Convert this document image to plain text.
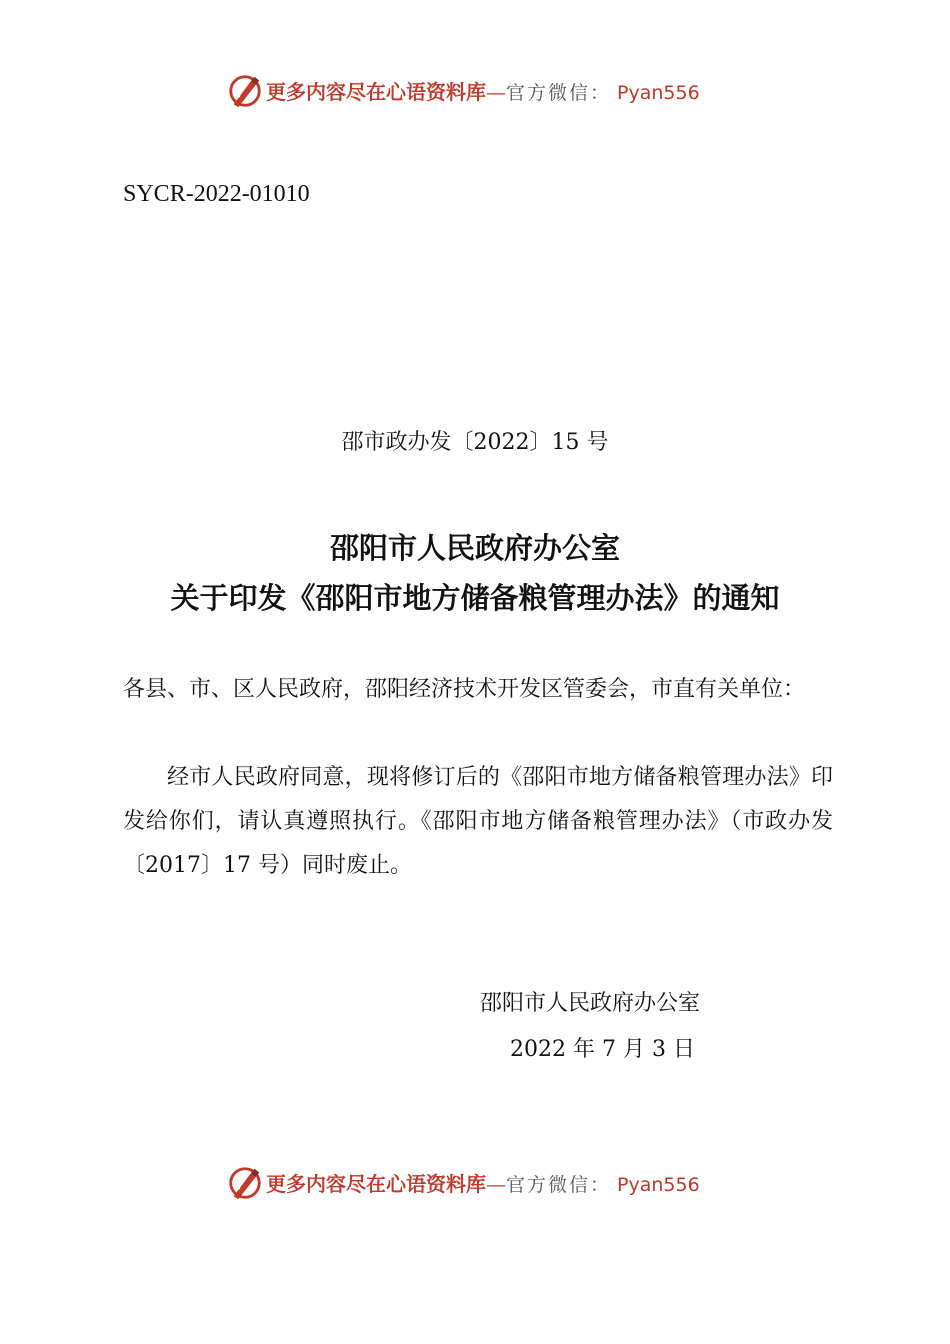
更多内容尽在心语资料库—官方微信： Pyan556
SYCR-2022-01010
邵市政办发〔2022〕15 号
邵阳市人民政府办公室
关于印发《邵阳市地方储备粮管理办法》的通知
各县、市、区人民政府，邵阳经济技术开发区管委会，市直有关单位：
经市人民政府同意，现将修订后的《邵阳市地方储备粮管理办法》印发给你们，请认真遵照执行。《邵阳市地方储备粮管理办法》（市政办发〔2017〕17 号）同时废止。
邵阳市人民政府办公室
2022 年 7 月 3 日
更多内容尽在心语资料库—官方微信： Pyan556
